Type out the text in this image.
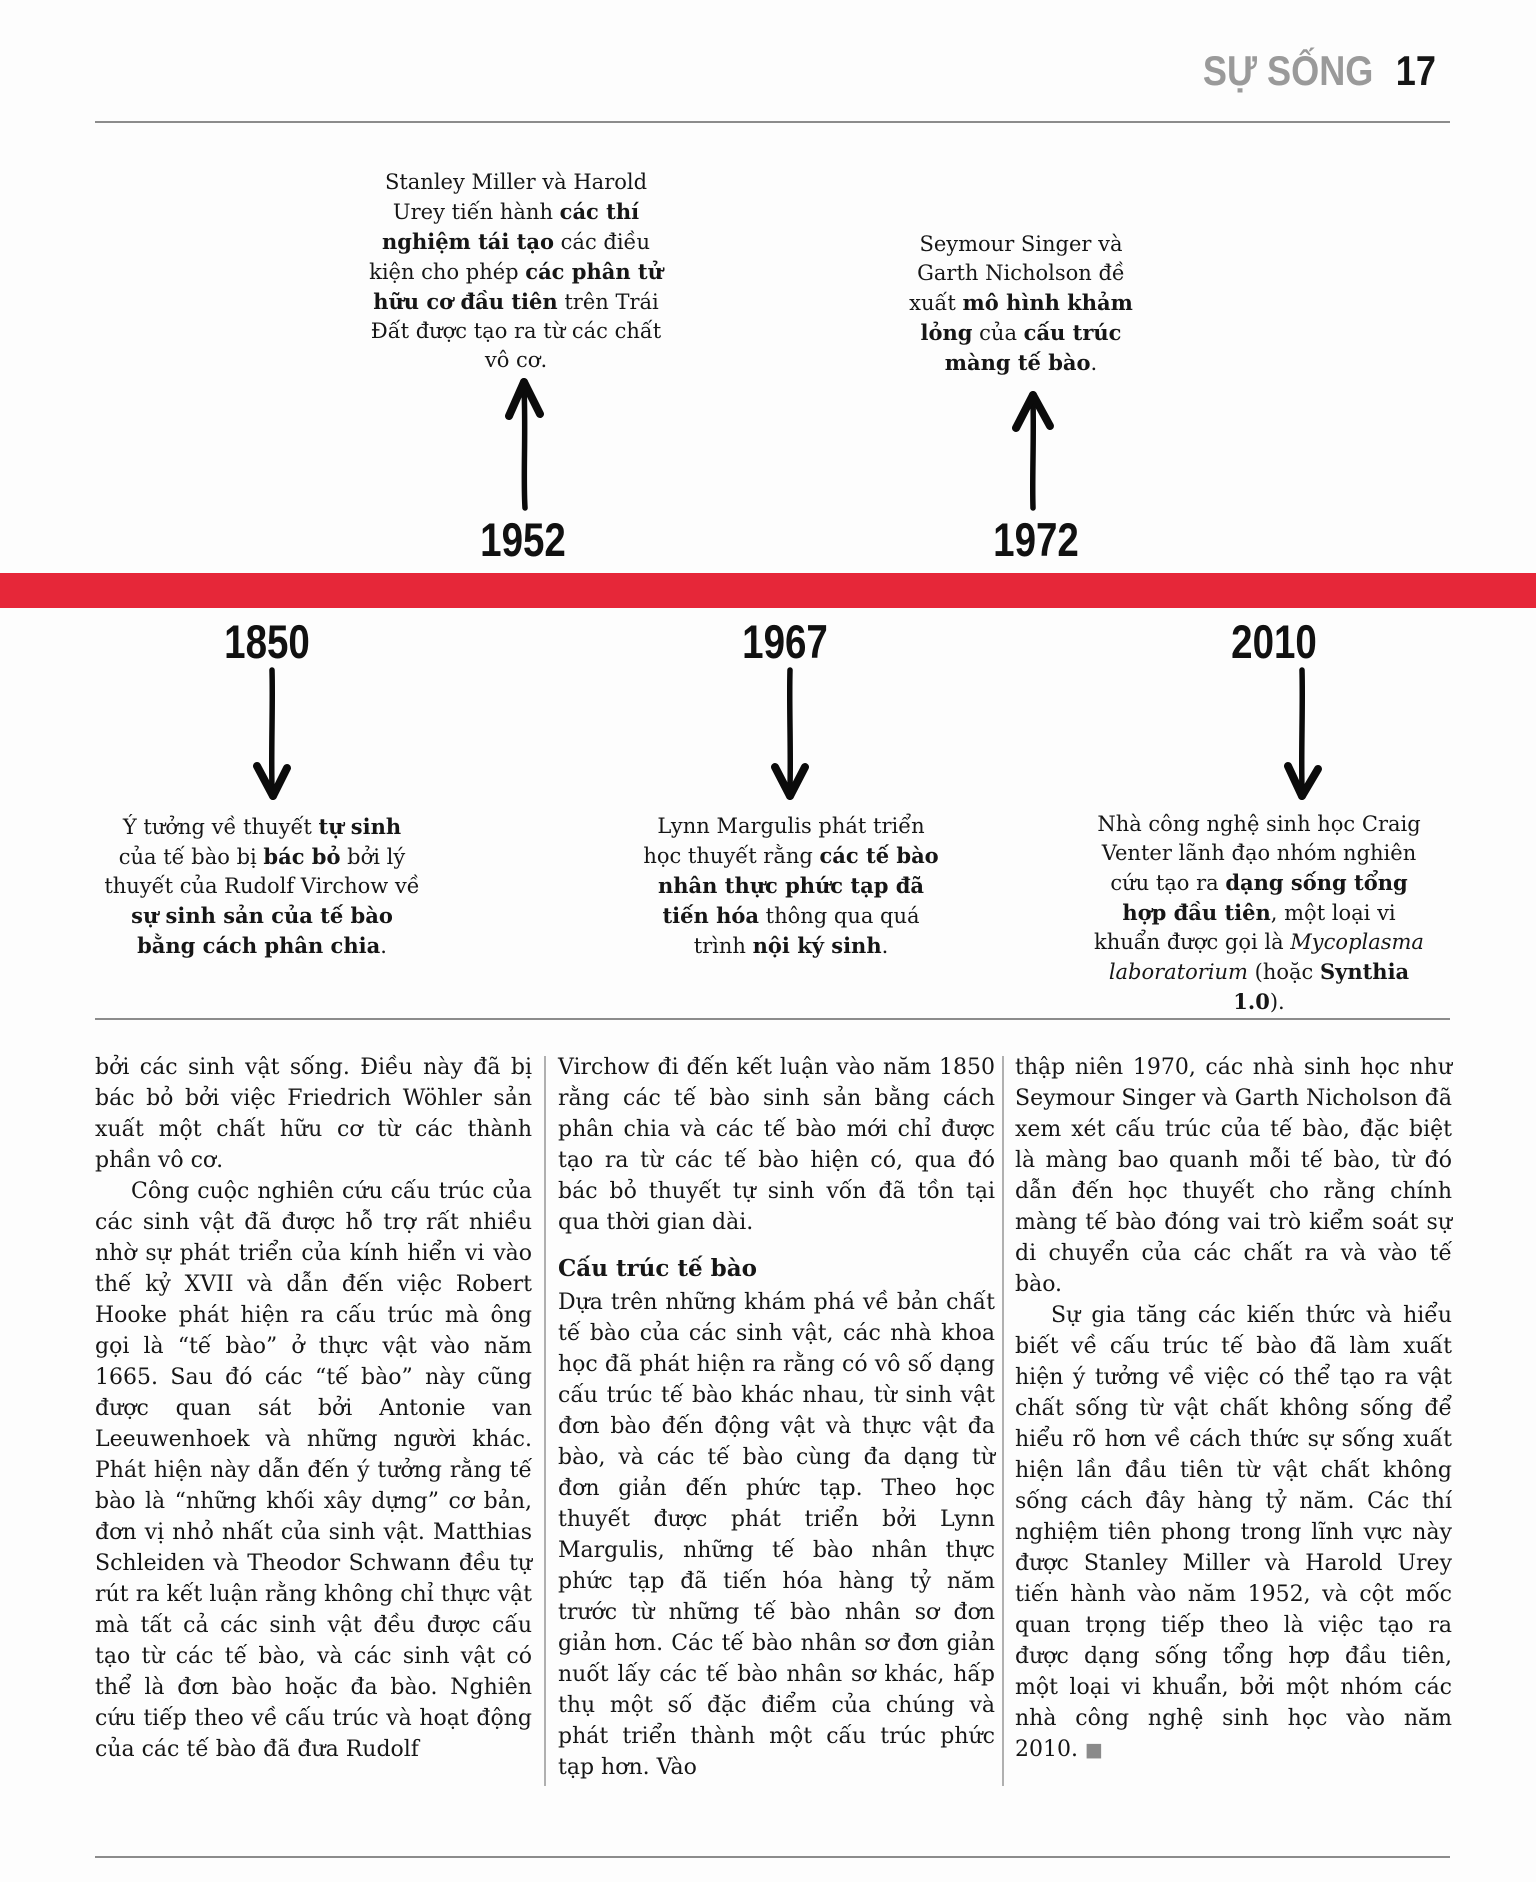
SỰ SỐNG 17
Stanley Miller và Harold Urey tiến hành các thí nghiệm tái tạo các điều kiện cho phép các phân tử hữu cơ đầu tiên trên Trái Đất được tạo ra từ các chất vô cơ.
Seymour Singer và Garth Nicholson đề xuất mô hình khảm lỏng của cấu trúc màng tế bào.
1952	1972
1850	1967	2010
Ý tưởng về thuyết tự sinh của tế bào bị bác bỏ bởi lý thuyết của Rudolf Virchow về sự sinh sản của tế bào bằng cách phân chia.
Lynn Margulis phát triển học thuyết rằng các tế bào nhân thực phức tạp đã tiến hóa thông qua quá trình nội ký sinh.
Nhà công nghệ sinh học Craig Venter lãnh đạo nhóm nghiên cứu tạo ra dạng sống tổng hợp đầu tiên, một loại vi khuẩn được gọi là Mycoplasma laboratorium (hoặc Synthia 1.0).

bởi các sinh vật sống. Điều này đã bị bác bỏ bởi việc Friedrich Wöhler sản xuất một chất hữu cơ từ các thành phần vô cơ.

Công cuộc nghiên cứu cấu trúc của các sinh vật đã được hỗ trợ rất nhiều nhờ sự phát triển của kính hiển vi vào thế kỷ XVII và dẫn đến việc Robert Hooke phát hiện ra cấu trúc mà ông gọi là “tế bào” ở thực vật vào năm 1665. Sau đó các “tế bào” này cũng được quan sát bởi Antonie van Leeuwenhoek và những người khác. Phát hiện này dẫn đến ý tưởng rằng tế bào là “những khối xây dựng” cơ bản, đơn vị nhỏ nhất của sinh vật. Matthias Schleiden và Theodor Schwann đều tự rút ra kết luận rằng không chỉ thực vật mà tất cả các sinh vật đều được cấu tạo từ các tế bào, và các sinh vật có thể là đơn bào hoặc đa bào. Nghiên cứu tiếp theo về cấu trúc và hoạt động của các tế bào đã đưa Rudolf

Virchow đi đến kết luận vào năm 1850 rằng các tế bào sinh sản bằng cách phân chia và các tế bào mới chỉ được tạo ra từ các tế bào hiện có, qua đó bác bỏ thuyết tự sinh vốn đã tồn tại qua thời gian dài.

Cấu trúc tế bào

Dựa trên những khám phá về bản chất tế bào của các sinh vật, các nhà khoa học đã phát hiện ra rằng có vô số dạng cấu trúc tế bào khác nhau, từ sinh vật đơn bào đến động vật và thực vật đa bào, và các tế bào cùng đa dạng từ đơn giản đến phức tạp. Theo học thuyết được phát triển bởi Lynn Margulis, những tế bào nhân thực phức tạp đã tiến hóa hàng tỷ năm trước từ những tế bào nhân sơ đơn giản hơn. Các tế bào nhân sơ đơn giản nuốt lấy các tế bào nhân sơ khác, hấp thụ một số đặc điểm của chúng và phát triển thành một cấu trúc phức tạp hơn. Vào

thập niên 1970, các nhà sinh học như Seymour Singer và Garth Nicholson đã xem xét cấu trúc của tế bào, đặc biệt là màng bao quanh mỗi tế bào, từ đó dẫn đến học thuyết cho rằng chính màng tế bào đóng vai trò kiểm soát sự di chuyển của các chất ra và vào tế bào.

Sự gia tăng các kiến thức và hiểu biết về cấu trúc tế bào đã làm xuất hiện ý tưởng về việc có thể tạo ra vật chất sống từ vật chất không sống để hiểu rõ hơn về cách thức sự sống xuất hiện lần đầu tiên từ vật chất không sống cách đây hàng tỷ năm. Các thí nghiệm tiên phong trong lĩnh vực này được Stanley Miller và Harold Urey tiến hành vào năm 1952, và cột mốc quan trọng tiếp theo là việc tạo ra được dạng sống tổng hợp đầu tiên, một loại vi khuẩn, bởi một nhóm các nhà công nghệ sinh học vào năm 2010. ■
